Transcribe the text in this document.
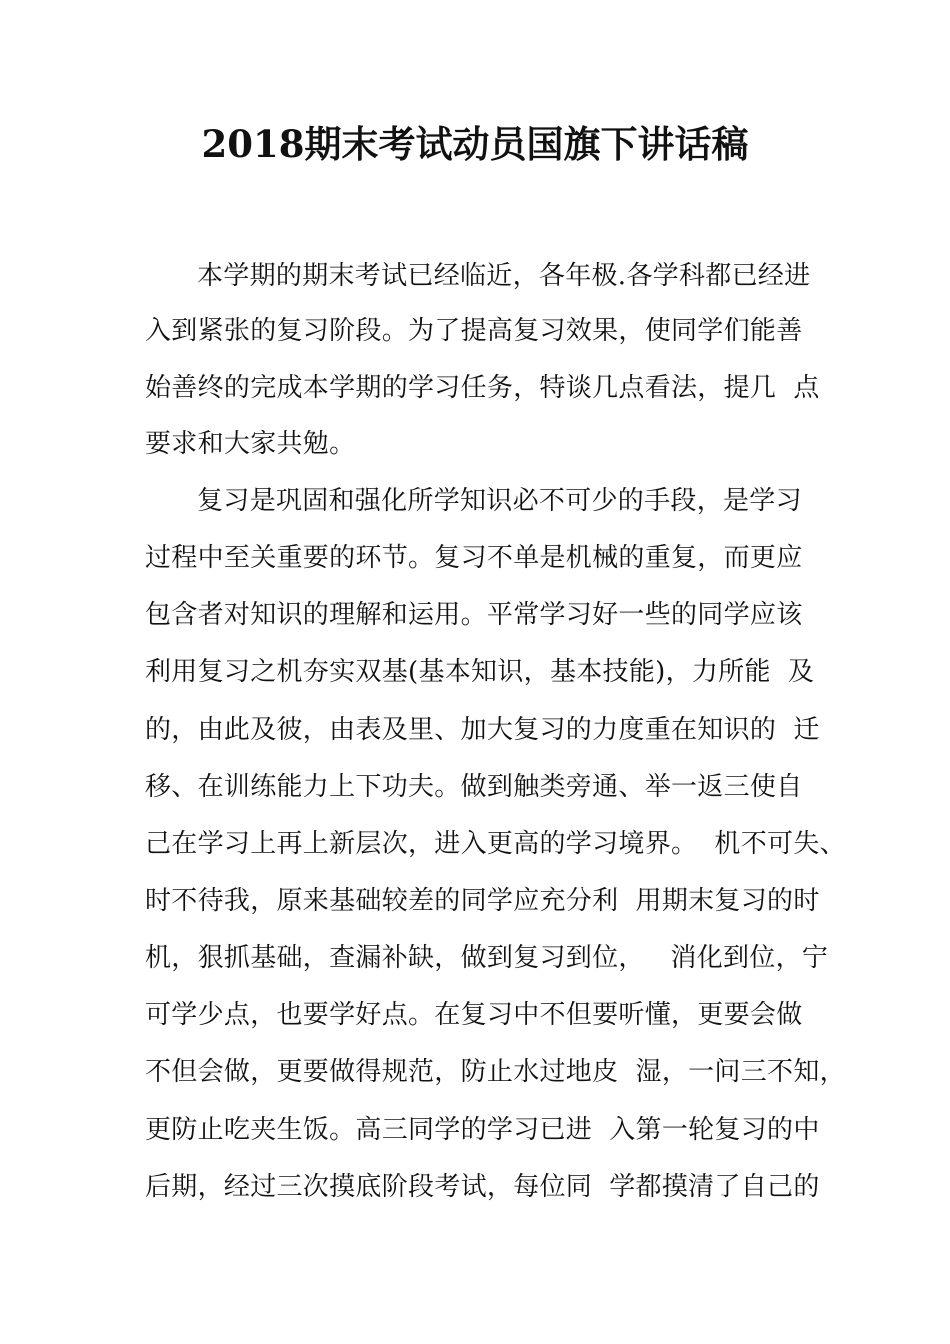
2018期末考试动员国旗下讲话稿
本学期的期末考试已经临近，各年极.各学科都已经进
入到紧张的复习阶段。为了提高复习效果，使同学们能善
始善终的完成本学期的学习任务，特谈几点看法，提几  点
要求和大家共勉。
复习是巩固和强化所学知识必不可少的手段，是学习
过程中至关重要的环节。复习不单是机械的重复，而更应
包含者对知识的理解和运用。平常学习好一些的同学应该
利用复习之机夯实双基(基本知识，基本技能)，力所能  及
的，由此及彼，由表及里、加大复习的力度重在知识的  迁
移、在训练能力上下功夫。做到触类旁通、举一返三使自
己在学习上再上新层次，进入更高的学习境界。  机不可失、
时不待我，原来基础较差的同学应充分利  用期末复习的时
机，狠抓基础，查漏补缺，做到复习到位，   消化到位，宁
可学少点，也要学好点。在复习中不但要听懂，更要会做
不但会做，更要做得规范，防止水过地皮  湿，一问三不知，
更防止吃夹生饭。高三同学的学习已进  入第一轮复习的中
后期，经过三次摸底阶段考试，每位同  学都摸清了自己的
